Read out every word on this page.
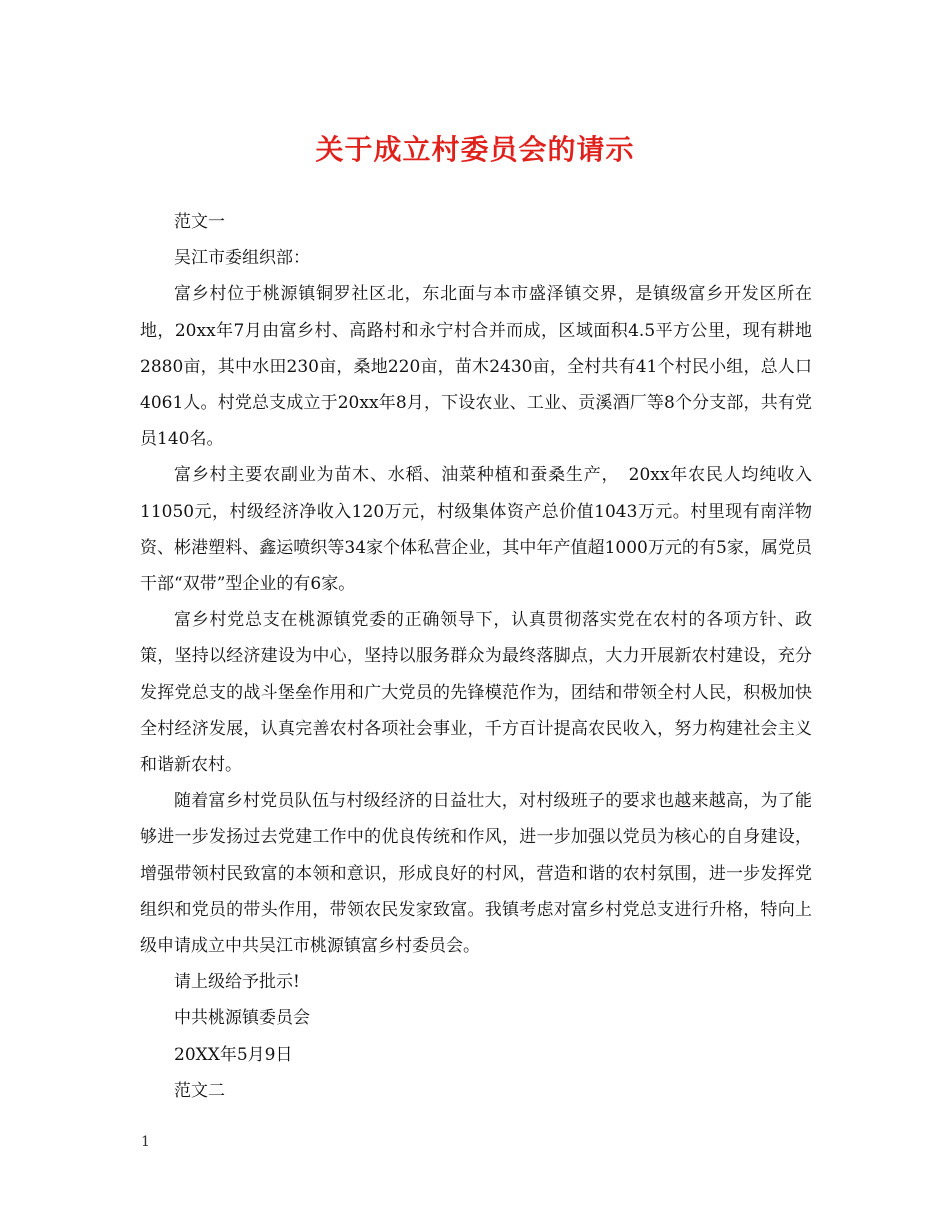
关于成立村委员会的请示

范文一

吴江市委组织部：

富乡村位于桃源镇铜罗社区北，东北面与本市盛泽镇交界，是镇级富乡开发区所在地，20xx年7月由富乡村、高路村和永宁村合并而成，区域面积4.5平方公里，现有耕地2880亩，其中水田230亩，桑地220亩，苗木2430亩，全村共有41个村民小组，总人口4061人。村党总支成立于20xx年8月，下设农业、工业、贡溪酒厂等8个分支部，共有党员140名。

富乡村主要农副业为苗木、水稻、油菜种植和蚕桑生产，　20xx年农民人均纯收入11050元，村级经济净收入120万元，村级集体资产总价值1043万元。村里现有南洋物资、彬港塑料、鑫运喷织等34家个体私营企业，其中年产值超1000万元的有5家，属党员干部“双带”型企业的有6家。

富乡村党总支在桃源镇党委的正确领导下，认真贯彻落实党在农村的各项方针、政策，坚持以经济建设为中心，坚持以服务群众为最终落脚点，大力开展新农村建设，充分发挥党总支的战斗堡垒作用和广大党员的先锋模范作为，团结和带领全村人民，积极加快全村经济发展，认真完善农村各项社会事业，千方百计提高农民收入，努力构建社会主义和谐新农村。

随着富乡村党员队伍与村级经济的日益壮大，对村级班子的要求也越来越高，为了能够进一步发扬过去党建工作中的优良传统和作风，进一步加强以党员为核心的自身建设，增强带领村民致富的本领和意识，形成良好的村风，营造和谐的农村氛围，进一步发挥党组织和党员的带头作用，带领农民发家致富。我镇考虑对富乡村党总支进行升格，特向上级申请成立中共吴江市桃源镇富乡村委员会。

请上级给予批示!

中共桃源镇委员会

20XX年5月9日

范文二

1
